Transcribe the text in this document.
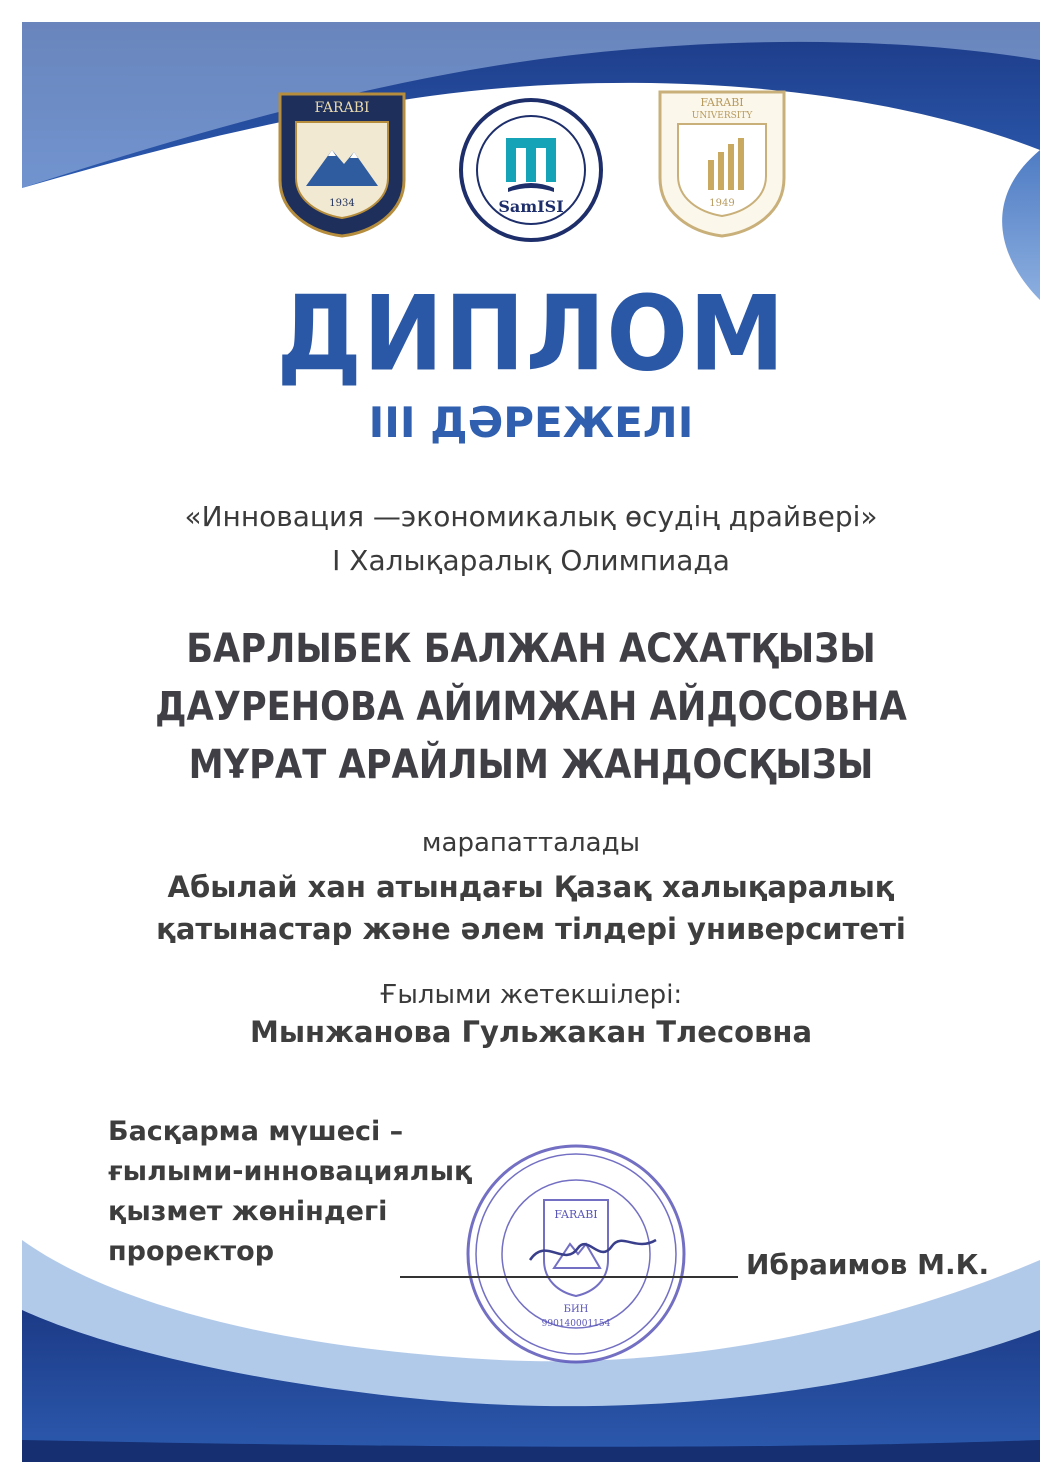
FARABI
1934	SamISI
FARABI
UNIVERSITY
1949
ДИПЛОМ
III ДӘРЕЖЕЛІ
«Инновация —экономикалық өсудің драйвері»
I Халықаралық Олимпиада
БАРЛЫБЕК БАЛЖАН АСХАТҚЫЗЫ
ДАУРЕНОВА АЙИМЖАН АЙДОСОВНА
МҰРАТ АРАЙЛЫМ ЖАНДОСҚЫЗЫ
марапатталады
Абылай хан атындағы Қазақ халықаралық
қатынастар және әлем тілдері университеті
Ғылыми жетекшілері:
Мынжанова Гульжакан Тлесовна
Басқарма мүшесі –
ғылыми-инновациялық
қызмет жөніндегі
проректор
FARABI
БИН
990140001154
Ибраимов М.К.
